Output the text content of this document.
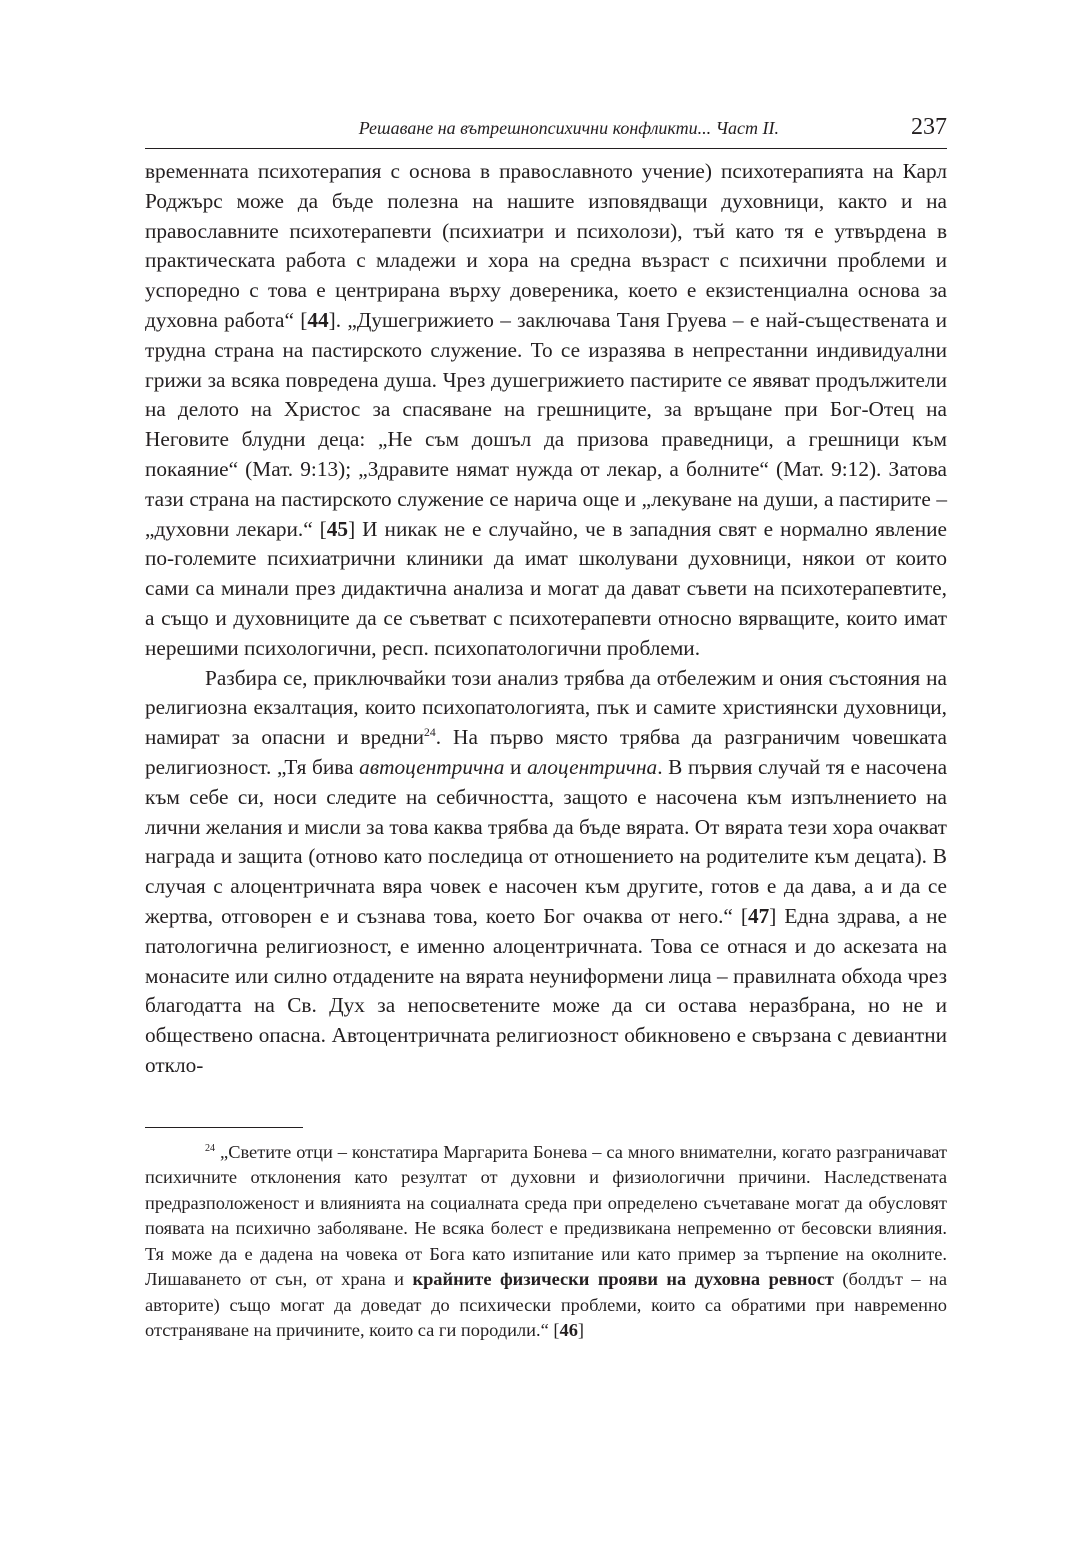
Решаване на вътрешнопсихични конфликти... Част II.	237

временната психотерапия с основа в православното учение) психотерапията на Карл Роджърс може да бъде полезна на нашите изповядващи духовници, както и на православните психотерапевти (психиатри и психолози), тъй като тя е утвърдена в практическата работа с младежи и хора на средна възраст с психични проблеми и успоредно с това е центрирана върху довереника, което е екзистенциална основа за духовна работа“ [44]. „Душегрижието – заключава Таня Груева – е най-съществената и трудна страна на пастирското служение. То се изразява в непрестанни индивидуални грижи за всяка повредена душа. Чрез душегрижието пастирите се явяват продължители на делото на Христос за спасяване на грешниците, за връщане при Бог-Отец на Неговите блудни деца: „Не съм дошъл да призова праведници, а грешници към покаяние“ (Мат. 9:13); „Здравите нямат нужда от лекар, а болните“ (Мат. 9:12). Затова тази страна на пастирското служение се нарича още и „лекуване на души, а пастирите – „духовни лекари.“ [45] И никак не е случайно, че в западния свят е нормално явление по-големите психиатрични клиники да имат школувани духовници, някои от които сами са минали през дидактична анализа и могат да дават съвети на психотерапевтите, а също и духовниците да се съветват с психотерапевти относно вярващите, които имат нерешими психологични, респ. психопатологични проблеми.

Разбира се, приключвайки този анализ трябва да отбележим и ония състояния на религиозна екзалтация, които психопатологията, пък и самите християнски духовници, намират за опасни и вредни$^{24}$. На първо място трябва да разграничим човешката религиозност. „Тя бива автоцентрична и алоцентрична. В първия случай тя е насочена към себе си, носи следите на себичността, защото е насочена към изпълнението на лични желания и мисли за това каква трябва да бъде вярата. От вярата тези хора очакват награда и защита (отново като последица от отношението на родителите към децата). В случая с алоцентричната вяра човек е насочен към другите, готов е да дава, а и да се жертва, отговорен е и съзнава това, което Бог очаква от него.“ [47] Една здрава, а не патологична религиозност, е именно алоцентричната. Това се отнася и до аскезата на монасите или силно отдадените на вярата неуниформени лица – правилната обхода чрез благодатта на Св. Дух за непосветените може да си остава неразбрана, но не и обществено опасна. Автоцентричната религиозност обикновено е свързана с девиантни откло-

$^{24}$ „Светите отци – констатира Маргарита Бонева – са много внимателни, когато разграничават психичните отклонения като резултат от духовни и физиологични причини. Наследствената предразположеност и влиянията на социалната среда при определено съчетаване могат да обусловят появата на психично заболяване. Не всяка болест е предизвикана непременно от бесовски влияния. Тя може да е дадена на човека от Бога като изпитание или като пример за търпение на околните. Лишаването от сън, от храна и крайните физически прояви на духовна ревност (болдът – на авторите) също могат да доведат до психически проблеми, които са обратими при навременно отстраняване на причините, които са ги породили.“ [46]
